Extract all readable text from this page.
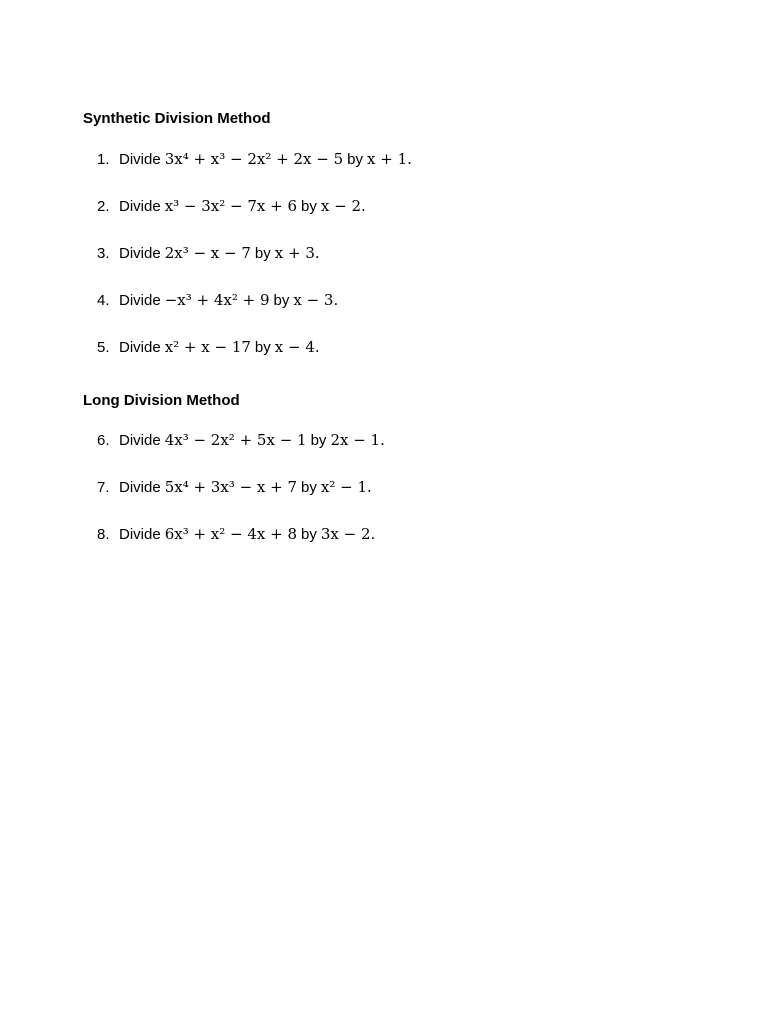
Synthetic Division Method
1. Divide 3x⁴ + x³ − 2x² + 2x − 5 by x + 1.
2. Divide x³ − 3x² − 7x + 6 by x − 2.
3. Divide 2x³ − x − 7 by x + 3.
4. Divide −x³ + 4x² + 9 by x − 3.
5. Divide x² + x − 17 by x − 4.
Long Division Method
6. Divide 4x³ − 2x² + 5x − 1 by 2x − 1.
7. Divide 5x⁴ + 3x³ − x + 7 by x² − 1.
8. Divide 6x³ + x² − 4x + 8 by 3x − 2.
